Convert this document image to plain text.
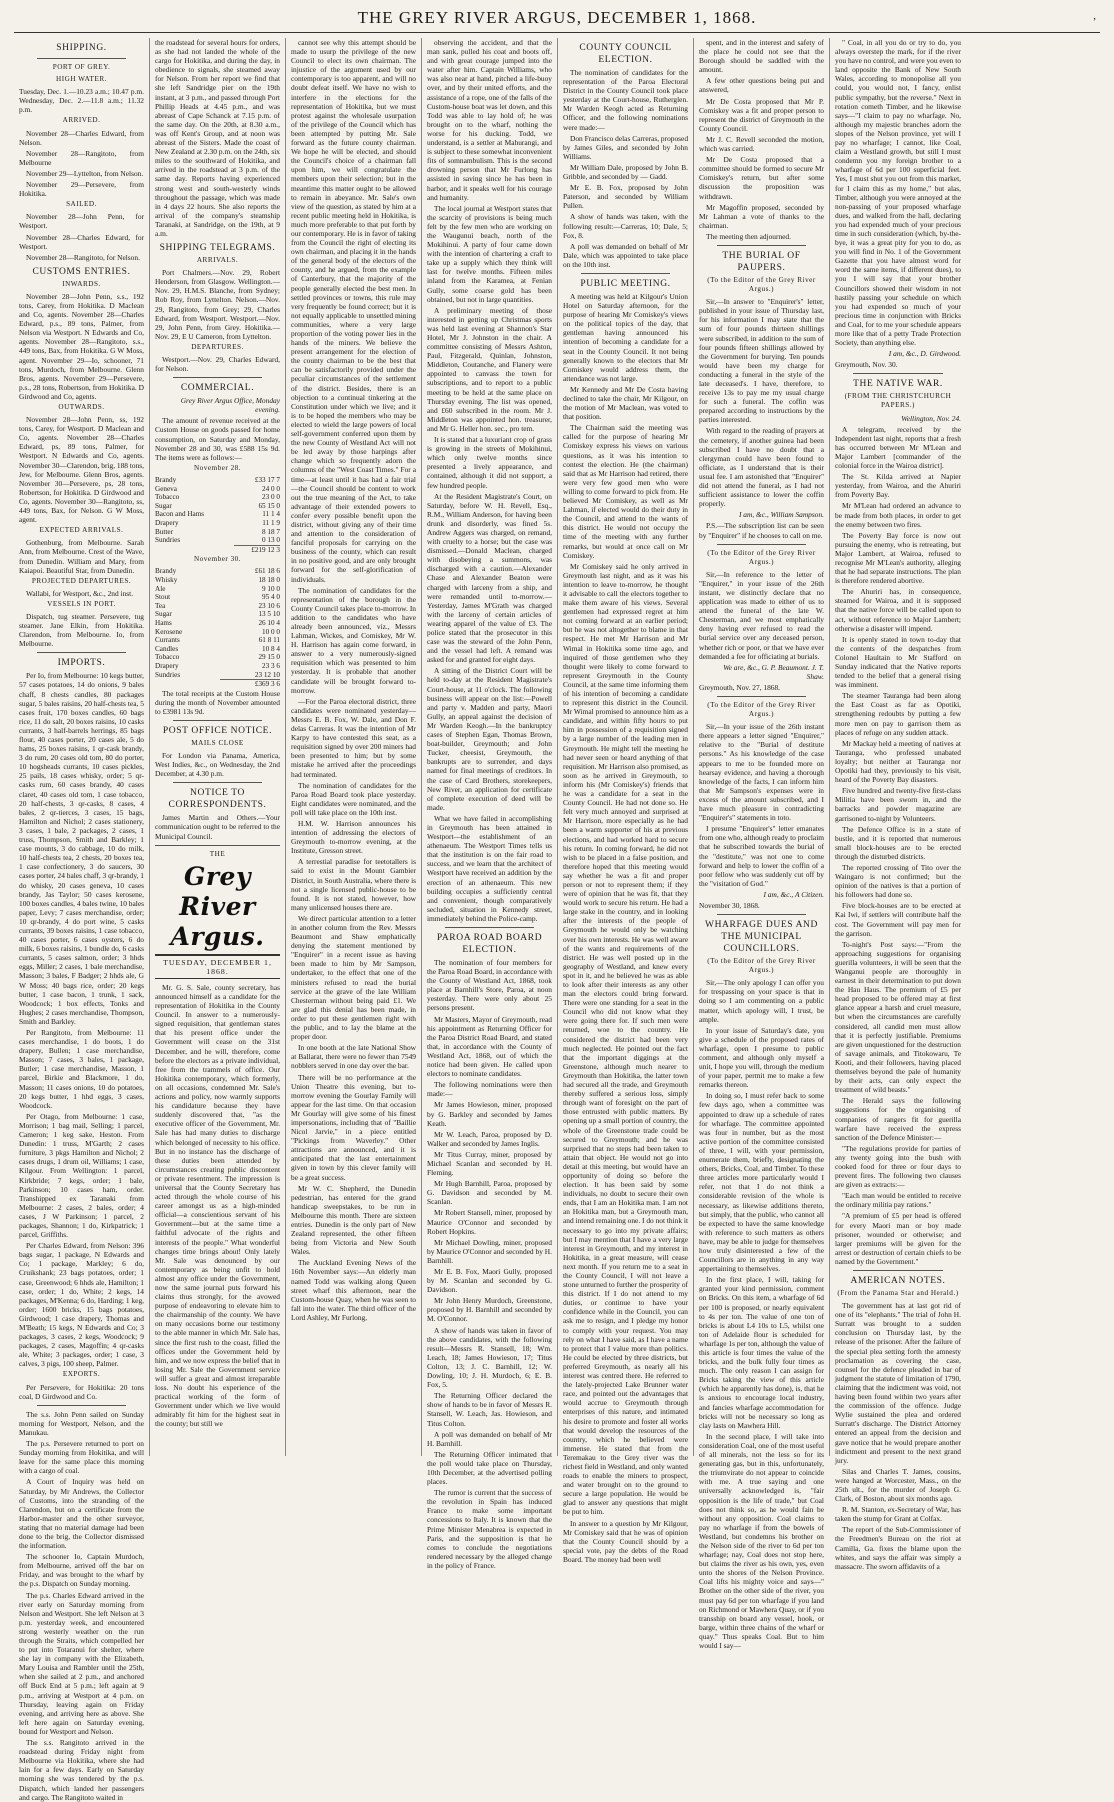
THE GREY RIVER ARGUS, DECEMBER 1, 1868.	,
SHIPPING.
PORT OF GREY.
HIGH WATER.

Tuesday, Dec. 1.—10.23 a.m.; 10.47 p.m. Wednesday, Dec. 2.—11.8 a.m.; 11.32 p.m.

ARRIVED.

November 28—Charles Edward, from Nelson.

November 28—Rangitoto, from Melbourne

November 29—Lyttelton, from Nelson.

November 29—Persevere, from Hokitika.

SAILED.

November 28—John Penn, for Westport.

November 28—Charles Edward, for Westport.

November 28—Rangitoto, for Nelson.

CUSTOMS ENTRIES.
INWARDS.

November 28—John Penn, s.s., 192 tons, Carey, from Hokitika. D Maclean and Co, agents. November 28—Charles Edward, p.s., 89 tons, Palmer, from Nelson via Westport. N Edwards and Co, agents. November 28—Rangitoto, s.s., 449 tons, Bax, from Hokitika. G W Moss, agent. November 29—Io, schooner, 71 tons, Murdoch, from Melbourne. Glenn Bros, agents. November 29—Persevere, p.s., 28 tons, Robertson, from Hokitika. D Girdwood and Co, agents.

OUTWARDS.

November 28—John Penn, ss, 192 tons, Carey, for Westport. D Maclean and Co, agents. November 28—Charles Edward, ps, 89 tons, Palmer, for Westport. N Edwards and Co, agents. November 30—Clarendon, brig, 188 tons, Jew, for Melbourne. Glenn Bros, agents. November 30—Persevere, ps, 28 tons, Robertson, for Hokitika. D Girdwood and Co, agents. November 30—Rangitoto, ss, 449 tons, Bax, for Nelson. G W Moss, agent.

EXPECTED ARRIVALS.

Gothenburg, from Melbourne. Sarah Ann, from Melbourne. Crest of the Wave, from Dunedin. William and Mary, from Kaiapoi. Beautiful Star, from Dunedin.

PROJECTED DEPARTURES.

Wallabi, for Westport, &c., 2nd inst.

VESSELS IN PORT.

Dispatch, tug steamer. Persevere, tug steamer. Jane Elkin, from Hokitika. Clarendon, from Melbourne. Io, from Melbourne.

IMPORTS.

Per Io, from Melbourne: 10 kegs butter, 57 cases potatoes, 14 do onions, 9 bales chaff, 8 chests candles, 80 packages sugar, 5 bales raisins, 20 half-chests tea, 5 cases fruit, 170 boxes candles, 60 bags rice, 11 do salt, 20 boxes raisins, 10 casks currants, 3 half-barrels herrings, 85 bags flour, 40 cases porter, 20 cases ale, 5 do hams, 25 boxes raisins, 1 qr-cask brandy, 3 do rum, 20 cases old tom, 80 do porter, 10 hogsheads currants, 10 cases pickles, 25 pails, 18 cases whisky, order; 5 qr-casks rum, 60 cases brandy, 40 cases claret, 40 cases old tom, 1 case tobacco, 20 half-chests, 3 qr-casks, 8 cases, 4 bales, 2 qr-tierces, 3 cases, 15 bags, Hamilton and Nichol; 2 cases stationery, 3 cases, 1 bale, 2 packages, 2 cases, 1 truss, Thompson, Smith and Barkley; 1 case mounts, 3 do cabbage, 10 do milk, 10 half-chests tea, 2 chests, 20 boxes tea, 1 case confectionery, 3 do saucers, 30 cases porter, 24 bales chaff, 3 qr-brandy, 1 do whisky, 20 cases geneva, 10 cases brandy, Jas Taylor; 50 cases kerosene, 100 boxes candles, 4 bales twine, 10 bales paper, Levy; 7 cases merchandise, order; 10 qr-brandy, 4 do port wine, 5 casks currants, 39 boxes raisins, 1 case tobacco, 40 cases porter, 6 cases oysters, 6 do milk, 6 boxes raisins, 1 bundle do, 6 casks currants, 5 cases salmon, order; 3 hhds eggs, Miller; 2 cases, 1 bale merchandise, Masson; 3 bales, F Badger; 2 hhds ale, G W Moss; 40 bags rice, order; 20 kegs butter, 1 case bacon, 1 trunk, 1 sack, Woodcock; 1 box effects, Tonks and Hughes; 2 cases merchandise, Thompson, Smith and Barkley.

Per Rangitoto, from Melbourne: 11 cases merchandise, 1 do boots, 1 do drapery, Bullen; 1 case merchandise, Masson; 7 cases, 3 bales, 1 package, Butler; 1 case merchandise, Masson, 1 parcel, Birkie and Blackmore, 1 do, Masson; 11 cases onions, 10 do potatoes, 20 kegs butter, 1 hhd eggs, 3 cases, Woodcock.

Per Otago, from Melbourne: 1 case, Morrison; 1 bag mail, Selling; 1 parcel, Cameron; 1 keg sake, Heston. From Dunedin: 1 truss, M'Garth; 2 cases furniture, 3 pkgs Hamilton and Nichol; 2 cases drugs, 1 drum oil, Williams; 1 case, Kilgour. From Wellington: 1 parcel, Kirkbride; 7 kegs, order; 1 bale, Parkinson; 10 cases ham, order. Transhipped ex Taranaki from Melbourne: 2 cases, 2 bales, order; 4 cases, J W Parkinson; 1 parcel, 2 packages, Shannon; 1 do, Kirkpatrick; 1 parcel, Griffiths.

Per Charles Edward, from Nelson: 396 bags sugar, 1 package, N Edwards and Co; 1 package, Markley; 6 do, Cruikshank; 23 bags potatoes, order; 1 case, Greenwood; 6 hhds ale, Hamilton; 1 case, order; 1 do, White; 2 kegs, 14 packages, M'Kenna; 6 do, Harding; 1 keg, order; 1600 bricks, 15 bags potatoes, Girdwood; 1 case drapery, Thomas and M'Beath; 15 kegs, N Edwards and Co; 3 packages, 3 cases, 2 kegs, Woodcock; 9 packages, 2 cases, Magoffin; 4 qr-casks ale, White; 3 packages, order; 1 case, 3 calves, 3 pigs, 100 sheep, Palmer.

EXPORTS.

Per Persevere, for Hokitika: 20 tons coal, D Girdwood and Co.

The s.s. John Penn sailed on Sunday morning for Westport, Nelson, and the Manukau.

The p.s. Persevere returned to port on Sunday morning from Hokitika, and will leave for the same place this morning with a cargo of coal.

A Court of Inquiry was held on Saturday, by Mr Andrews, the Collector of Customs, into the stranding of the Clarendon, but on a certificate from the Harbor-master and the other surveyor, stating that no material damage had been done to the brig, the Collector dismissed the information.

The schooner Io, Captain Murdoch, from Melbourne, arrived off the bar on Friday, and was brought to the wharf by the p.s. Dispatch on Sunday morning.

The p.s. Charles Edward arrived in the river early on Saturday morning from Nelson and Westport. She left Nelson at 3 p.m. yesterday week, and encountered strong westerly weather on the run through the Straits, which compelled her to put into Totaranui for shelter, where she lay in company with the Elizabeth, Mary Louisa and Rambler until the 25th, when she sailed at 2 p.m., and anchored off Buck End at 5 p.m.; left again at 9 p.m., arriving at Westport at 4 p.m. on Thursday, leaving again on Friday evening, and arriving here as above. She left here again on Saturday evening, bound for Westport and Nelson.

The s.s. Rangitoto arrived in the roadstead during Friday night from Melbourne via Hokitika, where she had lain for a few days. Early on Saturday morning she was tendered by the p.s. Dispatch, which landed her passengers and cargo. The Rangitoto waited in

the roadstead for several hours for orders, as she had not landed the whole of the cargo for Hokitika, and during the day, in obedience to signals, she steamed away for Nelson. From her report we find that she left Sandridge pier on the 19th instant, at 3 p.m., and passed through Port Phillip Heads at 4.45 p.m., and was abreast of Cape Schanck at 7.15 p.m. of the same day. On the 20th, at 8.30 a.m., was off Kent's Group, and at noon was abreast of the Sisters. Made the coast of New Zealand at 2.30 p.m. on the 24th, six miles to the southward of Hokitika, and arrived in the roadstead at 3 p.m. of the same day. Reports having experienced strong west and south-westerly winds throughout the passage, which was made in 4 days 22 hours. She also reports the arrival of the company's steamship Taranaki, at Sandridge, on the 19th, at 9 a.m.

SHIPPING TELEGRAMS.
ARRIVALS.

Port Chalmers.—Nov. 29, Robert Henderson, from Glasgow. Wellington.—Nov. 29, H.M.S. Blanche, from Sydney; Rob Roy, from Lyttelton. Nelson.—Nov. 29, Rangitoto, from Grey; 29, Charles Edward, from Westport. Westport.—Nov. 29, John Penn, from Grey. Hokitika.—Nov. 29, E U Cameron, from Lyttelton.

DEPARTURES.

Westport.—Nov. 29, Charles Edward, for Nelson.

COMMERCIAL.

Grey River Argus Office, Monday evening.

The amount of revenue received at the Custom House on goods passed for home consumption, on Saturday and Monday, November 28 and 30, was £588 15s 9d. The items were as follows:—

November 28.
Brandy	£33 17 7
Geneva	24 0 0
Tobacco	23 0 0
Sugar	65 15 0
Bacon and Hams	11 1 4
Drapery	11 1 9
Butter	8 18 7
Sundries	0 13 0
	£219 12 3
November 30.
Brandy	£61 18 6
Whisky	18 18 0
Ale	9 10 0
Stout	95 4 0
Tea	23 10 6
Sugar	13 5 10
Hams	26 10 4
Kerosene	10 0 0
Currants	61 8 11
Candles	10 8 4
Tobacco	29 15 0
Drapery	23 3 6
Sundries	23 12 10
	£369 3 6

The total receipts at the Custom House during the month of November amounted to £3981 13s 9d.

POST OFFICE NOTICE.
MAILS CLOSE

For London via Panama, America, West Indies, &c., on Wednesday, the 2nd December, at 4.30 p.m.

NOTICE TO CORRESPONDENTS.

James Martin and Others.—Your communication ought to be referred to the Municipal Council.

THE
Grey River Argus.
TUESDAY, DECEMBER 1, 1868.

Mr. G. S. Sale, county secretary, has announced himself as a candidate for the representation of Hokitika in the County Council. In answer to a numerously-signed requisition, that gentleman states that his present office under the Government will cease on the 31st December, and he will, therefore, come before the electors as a private individual, free from the trammels of office. Our Hokitika contemporary, which formerly, on all occasions, condemned Mr. Sale's actions and policy, now warmly supports his candidature because they have suddenly discovered that, "as the executive officer of the Government, Mr. Sale has had many duties to discharge which belonged of necessity to his office. But in no instance has the discharge of these duties been attended by circumstances creating public discontent or private resentment. The impression is universal that the County Secretary has acted through the whole course of his career amongst us as a high-minded official—a conscientious servant of his Government—but at the same time a faithful advocate of the rights and interests of the people." What wonderful changes time brings about! Only lately Mr. Sale was denounced by our contemporary as being unfit to hold almost any office under the Government, now the same journal puts forward his claims thus strongly, for the avowed purpose of endeavoring to elevate him to the chairmanship of the county. We have on many occasions borne our testimony to the able manner in which Mr. Sale has, since the first rush to the coast, filled the offices under the Government held by him, and we now express the belief that in losing Mr. Sale the Government service will suffer a great and almost irreparable loss. No doubt his experience of the practical working of the form of Government under which we live would admirably fit him for the highest seat in the county; but still we

cannot see why this attempt should be made to usurp the privilege of the new Council to elect its own chairman. The injustice of the argument used by our contemporary is too apparent, and will no doubt defeat itself. We have no wish to interfere in the elections for the representation of Hokitika, but we must protest against the wholesale usurpation of the privilege of the Council which has been attempted by putting Mr. Sale forward as the future county chairman. We hope he will be elected, and should the Council's choice of a chairman fall upon him, we will congratulate the members upon their selection; but in the meantime this matter ought to be allowed to remain in abeyance. Mr. Sale's own view of the question, as stated by him at a recent public meeting held in Hokitika, is much more preferable to that put forth by our contemporary. He is in favor of taking from the Council the right of electing its own chairman, and placing it in the hands of the general body of the electors of the county, and he argued, from the example of Canterbury, that the majority of the people generally elected the best men. In settled provinces or towns, this rule may very frequently be found correct; but it is not equally applicable to unsettled mining communities, where a very large proportion of the voting power lies in the hands of the miners. We believe the present arrangement for the election of the county chairman to be the best that can be satisfactorily provided under the peculiar circumstances of the settlement of the district. Besides, there is an objection to a continual tinkering at the Constitution under which we live; and it is to be hoped the members who may be elected to wield the large powers of local self-government conferred upon them by the new County of Westland Act will not be led away by those harpings after change which so frequently adorn the columns of the "West Coast Times." For a time—at least until it has had a fair trial—the Council should be content to work out the true meaning of the Act, to take advantage of their extended powers to confer every possible benefit upon the district, without giving any of their time and attention to the consideration of fanciful proposals for carrying on the business of the county, which can result in no positive good, and are only brought forward for the self-glorification of individuals.

The nomination of candidates for the representation of the borough in the County Council takes place to-morrow. In addition to the candidates who have already been announced, viz., Messrs Lahman, Wickes, and Comiskey, Mr W. H. Harrison has again come forward, in answer to a very numerously-signed requisition which was presented to him yesterday. It is probable that another candidate will be brought forward to-morrow.

—For the Paroa electoral district, three candidates were nominated yesterday—Messrs E. B. Fox, W. Dale, and Don F. delas Carreras. It was the intention of Mr Karpy to have contested this seat, as a requisition signed by over 200 miners had been presented to him; but by some mistake he arrived after the proceedings had terminated.

The nomination of candidates for the Paroa Road Board took place yesterday. Eight candidates were nominated, and the poll will take place on the 10th inst.

H.M. W. Harrison announces his intention of addressing the electors of Greymouth to-morrow evening, at the Institute, Gresson street.

A terrestial paradise for teetotallers is said to exist in the Mount Gambier District, in South Australia, where there is not a single licensed public-house to be found. It is not stated, however, how many unlicensed houses there are.

We direct particular attention to a letter in another column from the Rev. Messrs Beaumont and Shaw emphatically denying the statement mentioned by "Enquirer" in a recent issue as having been made to him by Mr Sampson, undertaker, to the effect that one of the ministers refused to read the burial service at the grave of the late William Chesterman without being paid £1. We are glad this denial has been made, in order to put these gentlemen right with the public, and to lay the blame at the proper door.

In one booth at the late National Show at Ballarat, there were no fewer than 7549 nobblers served in one day over the bar.

There will be no performance at the Union Theatre this evening, but to-morrow evening the Gourlay Family will appear for the last time. On that occasion Mr Gourlay will give some of his finest impersonations, including that of "Baillie Nicol Jarvie," in a piece entitled "Pickings from Waverley." Other attractions are announced, and it is anticipated that the last entertainment given in town by this clever family will be a great success.

Mr W. C. Shepherd, the Dunedin pedestrian, has entered for the grand handicap sweepstakes, to be run in Melbourne this month. There are sixteen entries. Dunedin is the only part of New Zealand represented, the other fifteen being from Victoria and New South Wales.

The Auckland Evening News of the 16th November says:—An elderly man named Todd was walking along Queen street wharf this afternoon, near the Custom-house Quay, when he was seen to fall into the water. The third officer of the Lord Ashley, Mr Furlong,

observing the accident, and that the man sank, pulled his coat and boots off, and with great courage jumped into the water after him. Captain Williams, who was also near at hand, pitched a life-buoy over, and by their united efforts, and the assistance of a rope, one of the falls of the Custom-house boat was let down, and this Todd was able to lay hold of; he was brought on to the wharf, nothing the worse for his ducking. Todd, we understand, is a settler at Mahurangi, and is subject to these somewhat inconvenient fits of somnambulism. This is the second drowning person that Mr Furlong has assisted in saving since he has been in harbor, and it speaks well for his courage and humanity.

The local journal at Westport states that the scarcity of provisions is being much felt by the few men who are working on the Waugunui beach, north of the Mokihinui. A party of four came down with the intention of chartering a craft to take up a supply which they think will last for twelve months. Fifteen miles inland from the Karamea, at Fenian Gully, some coarse gold has been obtained, but not in large quantities.

A preliminary meeting of those interested in getting up Christmas sports was held last evening at Shannon's Star Hotel, Mr J. Johnston in the chair. A committee consisting of Messrs Ashton, Paul, Fitzgerald, Quinlan, Johnston, Middleton, Coutanche, and Flanery were appointed to canvass the town for subscriptions, and to report to a public meeting to be held at the same place on Thursday evening. The list was opened, and £60 subscribed in the room. Mr J. Middleton was appointed hon. treasurer, and Mr G. Heller hon. sec., pro tem.

It is stated that a luxuriant crop of grass is growing in the streets of Mokihinui, which only twelve months since presented a lively appearance, and contained, although it did not support, a few hundred people.

At the Resident Magistrate's Court, on Saturday, before W. H. Revell, Esq., R.M., William Anderson, for having been drunk and disorderly, was fined 5s. Andrew Aggers was charged, on remand, with cruelty to a horse; but the case was dismissed.—Donald Maclean, charged with disobeying a summons, was discharged with a caution.—Alexander Chase and Alexander Beaton were charged with larceny from a ship, and were remanded until to-morrow.—Yesterday, James M'Grath was charged with the larceny of certain articles of wearing apparel of the value of £3. The police stated that the prosecutor in this case was the steward of the John Penn, and the vessel had left. A remand was asked for and granted for eight days.

A sitting of the District Court will be held to-day at the Resident Magistrate's Court-house, at 11 o'clock. The following business will appear on the list:—Powell and party v. Madden and party, Maori Gully, an appeal against the decision of Mr Warden Keogh.—In the bankruptcy cases of Stephen Egan, Thomas Brown, boat-builder, Greymouth; and John Tucker, cheesist, Greymouth, the bankrupts are to surrender, and days named for final meetings of creditors. In the case of Card Brothers, storekeepers, New River, an application for certificate of complete execution of deed will be made.

What we have failed in accomplishing in Greymouth has been attained in Westport—the establishment of an athenaeum. The Westport Times tells us that the institution is on the fair road to success, and we learn that the architect of Westport have received an addition by the erection of an athenaeum. This new building occupies a sufficiently central and convenient, though comparatively secluded, situation in Kennedy street, immediately behind the Police-camp.

PAROA ROAD BOARD ELECTION.

The nomination of four members for the Paroa Road Board, in accordance with the County of Westland Act, 1868, took place at Barnhill's Store, Paroa, at noon yesterday. There were only about 25 persons present.

Mr Masters, Mayor of Greymouth, read his appointment as Returning Officer for the Paroa District Road Board, and stated that, in accordance with the County of Westland Act, 1868, out of which the notice had been given. He called upon electors to nominate candidates.

The following nominations were then made:—

Mr James Howieson, miner, proposed by G. Barkley and seconded by James Keath.

Mr W. Leach, Paroa, proposed by D. Walker and seconded by James Inglis.

Mr Titus Curray, miner, proposed by Michael Scanlan and seconded by H. Fleming.

Mr Hugh Barnhill, Paroa, proposed by G. Davidson and seconded by M. Scanlan.

Mr Robert Stansell, miner, proposed by Maurice O'Connor and seconded by Robert Hopkins.

Mr Michael Dowling, miner, proposed by Maurice O'Connor and seconded by H. Barnhill.

Mr E. B. Fox, Maori Gully, proposed by M. Scanlan and seconded by G. Davidson.

Mr John Henry Murdoch, Greenstone, proposed by H. Barnhill and seconded by M. O'Connor.

A show of hands was taken in favor of the above candidates, with the following result—Messrs R. Stansell, 18; Wm. Leach, 18; James Howieson, 17; Titus Colton, 13; J. C. Barnhill, 12; W. Dowling, 10; J. H. Murdoch, 6; E. B. Fox, 5.

The Returning Officer declared the show of hands to be in favor of Messrs R. Stansell, W. Leach, Jas. Howieson, and Titus Colton.

A poll was demanded on behalf of Mr H. Barnhill.

The Returning Officer intimated that the poll would take place on Thursday, 10th December, at the advertised polling places.

The rumor is current that the success of the revolution in Spain has induced France to make some important concessions to Italy. It is known that the Prime Minister Menabrea is expected in Paris, and the supposition is that he comes to conclude the negotiations rendered necessary by the alleged change in the policy of France.

COUNTY COUNCIL ELECTION.

The nomination of candidates for the representation of the Paroa Electoral District in the County Council took place yesterday at the Court-house, Rutherglen. Mr Warden Keogh acted as Returning Officer, and the following nominations were made:—

Don Francisco delas Carreras, proposed by James Giles, and seconded by John Williams.

Mr William Dale, proposed by John B. Gribble, and seconded by — Gadd.

Mr E. B. Fox, proposed by John Paterson, and seconded by William Pullen.

A show of hands was taken, with the following result:—Carreras, 10; Dale, 5; Fox, 8.

A poll was demanded on behalf of Mr Dale, which was appointed to take place on the 10th inst.

PUBLIC MEETING.

A meeting was held at Kilgour's Union Hotel on Saturday afternoon, for the purpose of hearing Mr Comiskey's views on the political topics of the day, that gentleman having announced his intention of becoming a candidate for a seat in the County Council. It not being generally known to the electors that Mr Comiskey would address them, the attendance was not large.

Mr Kennedy and Mr De Costa having declined to take the chair, Mr Kilgour, on the motion of Mr Maclean, was voted to that position.

The Chairman said the meeting was called for the purpose of hearing Mr Comiskey express his views on various questions, as it was his intention to contest the election. He (the chairman) said that as Mr Harrison had retired, there were very few good men who were willing to come forward to pick from. He believed Mr Comiskey, as well as Mr Lahman, if elected would do their duty in the Council, and attend to the wants of this district. He would not occupy the time of the meeting with any further remarks, but would at once call on Mr Comiskey.

Mr Comiskey said he only arrived in Greymouth last night, and as it was his intention to leave to-morrow, he thought it advisable to call the electors together to make them aware of his views. Several gentlemen had expressed regret at him not coming forward at an earlier period; but he was not altogether to blame in that respect. He met Mr Harrison and Mr Wimal in Hokitika some time ago, and inquired of those gentlemen who they thought were likely to come forward to represent Greymouth in the County Council, at the same time informing them of his intention of becoming a candidate to represent this district in the Council. Mr Wimal promised to announce him as a candidate, and within fifty hours to put him in possession of a requisition signed by a large number of the leading men in Greymouth. He might tell the meeting he had never seen or heard anything of that requisition. Mr Harrison also promised, as soon as he arrived in Greymouth, to inform his (Mr Comiskey's) friends that he was a candidate for a seat in the County Council. He had not done so. He felt very much annoyed and surprised at Mr Harrison, more especially as he had been a warm supporter of his at previous elections, and had worked hard to secure his return. In coming forward, he did not wish to be placed in a false position, and therefore hoped that this meeting would say whether he was a fit and proper person or not to represent them; if they were of opinion that he was fit, that they would work to secure his return. He had a large stake in the country, and in looking after the interests of the people of Greymouth he would only be watching over his own interests. He was well aware of the wants and requirements of the district. He was well posted up in the geography of Westland, and knew every spot in it, and he believed he was as able to look after their interests as any other man the electors could bring forward. There were one standing for a seat in the Council who did not know what they were going there for. If such men were returned, woe to the country. He considered the district had been very much neglected. He pointed out the fact that the important diggings at the Greenstone, although much nearer to Greymouth than Hokitika, the latter town had secured all the trade, and Greymouth thereby suffered a serious loss, simply through want of foresight on the part of those entrusted with public matters. By opening up a small portion of country, the whole of the Greenstone trade could be secured to Greymouth; and he was surprised that no steps had been taken to attain that object. He would not go into detail at this meeting, but would have an opportunity of doing so before the election. It has been said by some individuals, no doubt to secure their own ends, that I am an Hokitika man. I am not an Hokitika man, but a Greymouth man, and intend remaining one. I do not think it necessary to go into my private affairs; but I may mention that I have a very large interest in Greymouth, and my interest in Hokitika, in a great measure, will cease next month. If you return me to a seat in the County Council, I will not leave a stone unturned to further the prosperity of this district. If I do not attend to my duties, or continue to have your confidence while in the Council, you can ask me to resign, and I pledge my honor to comply with your request. You may rely on what I have said, as I have a name to protect that I value more than politics. He could be elected by three districts, but preferred Greymouth, as nearly all his interest was centred there. He referred to the lately-projected Lake Brunner water race, and pointed out the advantages that would accrue to Greymouth through enterprises of this nature, and intimated his desire to promote and foster all works that would develop the resources of the country, which he believed were immense. He stated that from the Teremakau to the Grey river was the richest field in Westland, and only wanted roads to enable the miners to prospect, and water brought on to the ground to secure a large population. He would be glad to answer any questions that might be put to him.

In answer to a question by Mr Kilgour, Mr Comiskey said that he was of opinion that the County Council should by a special vote, pay the debts of the Road Board. The money had been well

spent, and in the interest and safety of the place he could not see that the Borough should be saddled with the amount.

A few other questions being put and answered,

Mr De Costa proposed that Mr P. Comiskey was a fit and proper person to represent the district of Greymouth in the County Council.

Mr J. C. Revell seconded the motion, which was carried.

Mr De Costa proposed that a committee should be formed to secure Mr Comiskey's return, but after some discussion the proposition was withdrawn.

Mr Magoffin proposed, seconded by Mr Lahman a vote of thanks to the chairman.

The meeting then adjourned.

THE BURIAL OF PAUPERS.
(To the Editor of the Grey River Argus.)

Sir,—In answer to "Enquirer's" letter, published in your issue of Thursday last, for his information I may state that the sum of four pounds thirteen shillings were subscribed, in addition to the sum of four pounds fifteen shillings allowed by the Government for burying. Ten pounds would have been my charge for conducting a funeral in the style of the late deceased's. I have, therefore, to receive 13s to pay me my usual charge for such a funeral. The coffin was prepared according to instructions by the parties interested.

With regard to the reading of prayers at the cemetery, if another guinea had been subscribed I have no doubt that a clergyman could have been found to officiate, as I understand that is their usual fee. I am astonished that "Enquirer" did not attend the funeral, as I had not sufficient assistance to lower the coffin properly.

I am, &c., William Sampson.

P.S.—The subscription list can be seen by "Enquirer" if he chooses to call on me.

(To the Editor of the Grey River Argus.)

Sir,—In reference to the letter of "Enquirer," in your issue of the 26th instant, we distinctly declare that no application was made to either of us to attend the funeral of the late W. Chesterman, and we most emphatically deny having ever refused to read the burial service over any deceased person, whether rich or poor, or that we have ever demanded a fee for officiating at burials.

We are, &c., G. P. Beaumont. J. T. Shaw.

Greymouth, Nov. 27, 1868.

(To the Editor of the Grey River Argus.)

Sir,—In your issue of the 26th instant there appears a letter signed "Enquirer," relative to the "Burial of destitute persons." As his knowledge of the case appears to me to be founded more on hearsay evidence, and having a thorough knowledge of the facts, I can inform him that Mr Sampson's expenses were in excess of the amount subscribed, and I have much pleasure in contradicting "Enquirer's" statements in toto.

I presume "Enquirer's" letter emanates from one who, although ready to proclaim that he subscribed towards the burial of the "destitute," was not one to come forward and help to lower the coffin of a poor fellow who was suddenly cut off by the "visitation of God."

I am, &c., A Citizen.

November 30, 1868.

WHARFAGE DUES AND THE MUNICIPAL COUNCILLORS.
(To the Editor of the Grey River Argus.)

Sir,—The only apology I can offer you for trespassing on your space is that in doing so I am commenting on a public matter, which apology will, I trust, be ample.

In your issue of Saturday's date, you give a schedule of the proposed rates of wharfage, open I presume to public comment, and although only myself a unit, I hope you will, through the medium of your paper, permit me to make a few remarks thereon.

In doing so, I must refer back to some few days ago, when a committee was appointed to draw up a schedule of rates for wharfage. The committee appointed was four in number, but as the most active portion of the committee consisted of three, I will, with your permission, enumerate them, briefly, designating the others, Bricks, Coal, and Timber. To these three articles more particularly would I refer, not that I do not think a considerable revision of the whole is necessary, as likewise additions thereto, but simply, that the public, who cannot all be expected to have the same knowledge with reference to such matters as others have, may be able to judge for themselves how truly disinterested a few of the Councillors are in anything in any way appertaining to themselves.

In the first place, I will, taking for granted your kind permission, comment on Bricks. On this item, a wharfage of 6d per 100 is proposed, or nearly equivalent to 4s per ton. The value of one ton of bricks is about L4 10s to L5, whilst one ton of Adelaide flour is scheduled for wharfage 1s per ton, although the value of this article is four times the value of the bricks, and the bulk fully four times as much. The only reason I can assign for Bricks taking the view of this article (which he apparently has done), is, that he is anxious to encourage local industry, and fancies wharfage accommodation for bricks will not be necessary so long as clay lasts on Mawhera Hill.

In the second place, I will take into consideration Coal, one of the most useful of all minerals, not the less so for its generating gas, but in this, unfortunately, the triumvirate do not appear to coincide with me. A true saying and one universally acknowledged is, "fair opposition is the life of trade," but Coal does not think so, as he would fain be without any opposition. Coal claims to pay no wharfage if from the bowels of Westland, but condemns his brother on the Nelson side of the river to 6d per ton wharfage; nay, Coal does not stop here, but claims the river as his own, yes, even unto the shores of the Nelson Province. Coal lifts his mighty voice and says—" Brother on the other side of the river, you must pay 6d per ton wharfage if you land on Richmond or Mawhera Quay, or if you transship on board any vessel, hook, or barge, within three chains of the wharf or quay." Thus speaks Coal. But to him would I say—

" Coal, in all you do or try to do, you always overstep the mark, for if the river you have no control, and were you even to land opposite the Bank of New South Wales, according to monopolise all you could, you would not, I fancy, enlist public sympathy, but the reverse." Next in rotation cometh Timber, and he likewise says—"I claim to pay no wharfage. No, although my majestic branches adorn the slopes of the Nelson province, yet will I pay no wharfage; I cannot, like Coal, claim a Westland growth, but still I must condemn you my foreign brother to a wharfage of 6d per 100 superficial feet. Yes, I must shut you out from this market, for I claim this as my home," but alas, Timber, although you were annoyed at the non-passing of your proposed wharfage dues, and walked from the hall, declaring you had expended much of your precious time in such consideration (which, by-the-bye, it was a great pity for you to do, as you will find in No. 1 of the Government Gazette that you have almost word for word the same items, if different dues), to you I will say that your brother Councillors showed their wisdom in not hastily passing your schedule on which you had expended so much of your precious time in conjunction with Bricks and Coal, for to me your schedule appears more like that of a petty Trade Protection Society, than anything else.

I am, &c., D. Girdwood.

Greymouth, Nov. 30.

THE NATIVE WAR.
(FROM THE CHRISTCHURCH PAPERS.)

Wellington, Nov. 24.

A telegram, received by the Independent last night, reports that a fresh has occurred between Mr M'Lean and Major Lambert [commander of the colonial force in the Wairoa district].

The St. Kilda arrived at Napier yesterday, from Wairoa, and the Ahuriri from Poverty Bay.

Mr M'Lean had ordered an advance to be made from both places, in order to get the enemy between two fires.

The Poverty Bay force is now out pursuing the enemy, who is retreating, but Major Lambert, at Wairoa, refused to recognise Mr M'Lean's authority, alleging that he had separate instructions. The plan is therefore rendered abortive.

The Ahuriri has, in consequence, steamed for Wairoa, and it is supposed that the native force will be called upon to act, without reference to Major Lambert; otherwise a disaster will impend.

It is openly stated in town to-day that the contents of the despatches from Colonel Haultain to Mr Stafford on Sunday indicated that the Native reports tended to the belief that a general rising was imminent.

The steamer Tauranga had been along the East Coast as far as Opotiki, strengthening redoubts by putting a few more men on pay to garrison them as places of refuge on any sudden attack.

Mr Mackay held a meeting of natives at Tauranga, who professed unabated loyalty; but neither at Tauranga nor Opotiki had they, previously to his visit, heard of the Poverty Bay disasters.

Five hundred and twenty-five first-class Militia have been sworn in, and the barracks and powder magazine are garrisoned to-night by Volunteers.

The Defence Office is in a state of bustle, and it is reported that numerous small block-houses are to be erected through the disturbed districts.

The reported crossing of Tito over the Waingaro is not confirmed; but the opinion of the natives is that a portion of his followers had done so.

Five block-houses are to be erected at Kai Iwi, if settlers will contribute half the cost. The Government will pay men for the garrison.

To-night's Post says:—"From the approaching suggestions for organising guerilla volunteers, it will be seen that the Wanganui people are thoroughly in earnest in their determination to put down the Hau Haus. The premium of £5 per head proposed to be offered may at first glance appear a harsh and cruel measure, but when the circumstances are carefully considered, all candid men must allow that it is perfectly justifiable. Premiums are given unquestioned for the destruction of savage animals, and Titokowaru, Te Kooti, and their followers, having placed themselves beyond the pale of humanity by their acts, can only expect the treatment of wild beasts."

The Herald says the following suggestions for the organising of companies of rangers fit for guerilla warfare have received the express sanction of the Defence Minister:—

"The regulations provide for parties of any twenty going into the bush with cooked food for three or four days to prevent fires. The following two clauses are given as extracts:—

"Each man would be entitled to receive the ordinary militia pay rations."

"A premium of £5 per head is offered for every Maori man or boy made prisoner, wounded or otherwise; and larger premiums will be given for the arrest or destruction of certain chiefs to be named by the Government."

AMERICAN NOTES.
(From the Panama Star and Herald.)

The government has at last got rid of one of its "elephants." The trial of John H. Surratt was brought to a sudden conclusion on Thursday last, by the release of the prisoner. After the failure of the special plea setting forth the amnesty proclamation as covering the case, counsel for the defence pleaded in bar of judgment the statute of limitation of 1790, claiming that the indictment was void, not having been found within two years after the commission of the offence. Judge Wylie sustained the plea and ordered Surratt's discharge. The District Attorney entered an appeal from the decision and gave notice that he would prepare another indictment and present to the next grand jury.

Silas and Charles T. James, cousins, were hanged at Worcester, Mass., on the 25th ult., for the murder of Joseph G. Clark, of Boston, about six months ago.

R. M. Stanton, ex-Secretary of War, has taken the stump for Grant at Colfax.

The report of the Sub-Commissioner of the Freedmen's Bureau on the riot at Camilla, Ga. fixes the blame upon the whites, and says the affair was simply a massacre. The sworn affidavits of a
